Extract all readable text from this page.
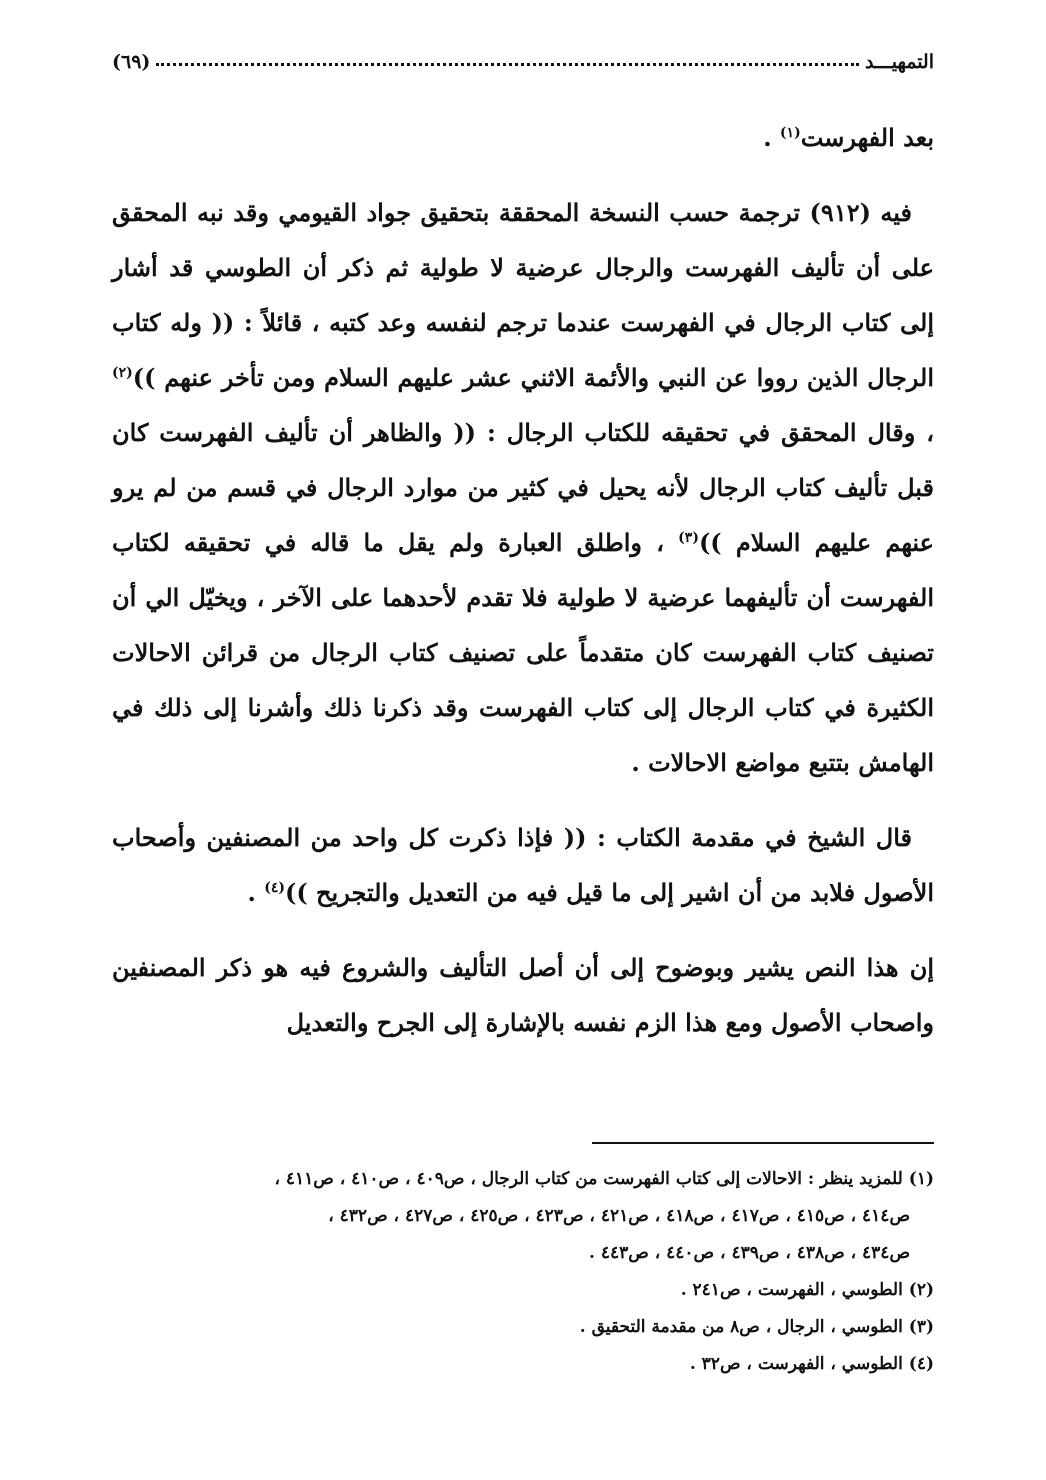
التمهيـــد
(٦٩)

بعد الفهرست$^{(١)}$ .

فيه (٩١٢) ترجمة حسب النسخة المحققة بتحقيق جواد القيومي وقد نبه المحقق على أن تأليف الفهرست والرجال عرضية لا طولية ثم ذكر أن الطوسي قد أشار إلى كتاب الرجال في الفهرست عندما ترجم لنفسه وعد كتبه ، قائلاً : (( وله كتاب الرجال الذين رووا عن النبي والأئمة الاثني عشر عليهم السلام ومن تأخر عنهم ))$^{(٢)}$ ، وقال المحقق في تحقيقه للكتاب الرجال : (( والظاهر أن تأليف الفهرست كان قبل تأليف كتاب الرجال لأنه يحيل في كثير من موارد الرجال في قسم من لم يرو عنهم عليهم السلام ))$^{(٣)}$ ، واطلق العبارة ولم يقل ما قاله في تحقيقه لكتاب الفهرست أن تأليفهما عرضية لا طولية فلا تقدم لأحدهما على الآخر ، ويخيّل الي أن تصنيف كتاب الفهرست كان متقدماً على تصنيف كتاب الرجال من قرائن الاحالات الكثيرة في كتاب الرجال إلى كتاب الفهرست وقد ذكرنا ذلك وأشرنا إلى ذلك في الهامش بتتبع مواضع الاحالات .

قال الشيخ في مقدمة الكتاب : (( فإذا ذكرت كل واحد من المصنفين وأصحاب الأصول فلابد من أن اشير إلى ما قيل فيه من التعديل والتجريح ))$^{(٤)}$ .

إن هذا النص يشير وبوضوح إلى أن أصل التأليف والشروع فيه هو ذكر المصنفين واصحاب الأصول ومع هذا الزم نفسه بالإشارة إلى الجرح والتعديل

(١) للمزيد ينظر : الاحالات إلى كتاب الفهرست من كتاب الرجال ، ص٤٠٩ ، ص٤١٠ ، ص٤١١ ،

ص٤١٤ ، ص٤١٥ ، ص٤١٧ ، ص٤١٨ ، ص٤٢١ ، ص٤٢٣ ، ص٤٢٥ ، ص٤٢٧ ، ص٤٣٢ ،

ص٤٣٤ ، ص٤٣٨ ، ص٤٣٩ ، ص٤٤٠ ، ص٤٤٣ .

(٢) الطوسي ، الفهرست ، ص٢٤١ .

(٣) الطوسي ، الرجال ، ص٨ من مقدمة التحقيق .

(٤) الطوسي ، الفهرست ، ص٣٢ .
